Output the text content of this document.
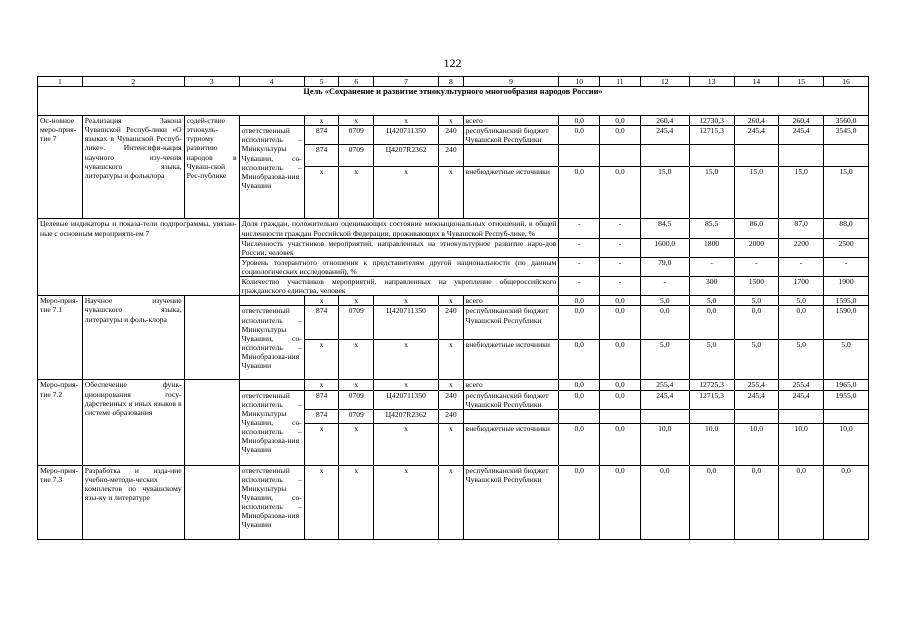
122
1	2	3	4	5	6	7	8	9	10	11	12	13	14	15	16
Цель «Сохранение и развитие этнокультурного многообразия народов России»															
Ос-новное меро-прия-тие 7	Реализация Закона Чувашской Респуб-лики «О языках в Чувашской Респуб-лике». Интенсифи-кация научного изу-чения чувашского языка, литературы и фольклора	содей-ствие этнокуль-турному развитию народов в Чуваш-ской Рес-публике		x	x	x	x	всего	0,0	0,0	260,4	12730,3	260,4	260,4	3560,0
			ответственный исполнитель – Минкультуры Чувашии, со-исполнитель – Минобразова-ния Чувашии	874	0709	Ц420711350	240	республиканский бюджет Чувашской Республики	0,0	0,0	245,4	12715,3	245,4	245,4	3545,0
				874	0709	Ц4207R2362	240								
				x	x	x	x	внебюджетные источники	0,0	0,0	15,0	15,0	15,0	15,0	15,0
Целевые индикаторы и показа-тели подпрограммы, увязан-ные с основным мероприяти-ем 7			Доля граждан, положительно оценивающих состояние межнациональных отношений, в общей численности граждан Российской Федерации, проживающих в Чувашской Респуб-лике, %						-	-	84,5	85,5	86,0	87,0	88,0
			Численность участников мероприятий, направленных на этнокультурное развитие наро-дов России, человек						-	-	1600,0	1800	2000	2200	2500
			Уровень толерантного отношения к представителям другой национальности (по данным социологических исследований), %						-	-	79,0	-	-	-	-
			Количество участников мероприятий, направленных на укрепление общероссийского гражданского единства, человек						-	-	-	300	1500	1700	1900
Меро-прия-тие 7.1	Научное изучение чувашского языка, литературы и фоль-клора			x	x	x	x	всего	0,0	0,0	5,0	5,0	5,0	5,0	1595,0
			ответственный исполнитель – Минкультуры Чувашии, со-исполнитель – Минобразова-ния Чувашии	874	0709	Ц420711350	240	республиканский бюджет Чувашской Республики	0,0	0,0	0,0	0,0	0,0	0,0	1590,0
				x	x	x	x	внебюджетные источники	0,0	0,0	5,0	5,0	5,0	5,0	5,0
Меро-прия-тие 7.2	Обеспечение функ-ционирования госу-дарственных и иных языков в системе образования			x	x	x	x	всего	0,0	0,0	255,4	12725,3	255,4	255,4	1965,0
			ответственный исполнитель – Минкультуры Чувашии, со-исполнитель – Минобразова-ния Чувашии	874	0709	Ц420711350	240	республиканский бюджет Чувашской Республики	0,0	0,0	245,4	12715,3	245,4	245,4	1955,0
				874	0709	Ц4207R2362	240								
				x	x	x	x	внебюджетные источники	0,0	0,0	10,0	10,0	10,0	10,0	10,0
Меро-прия-тие 7.3	Разработка и изда-ние учебно-методи-ческих комплектов по чувашскому язы-ку и литературе		ответственный исполнитель – Минкультуры Чувашии, со-исполнитель – Минобразова-ния Чувашии	x	x	x	x	республиканский бюджет Чувашской Республики	0,0	0,0	0,0	0,0	0,0	0,0	0,0
